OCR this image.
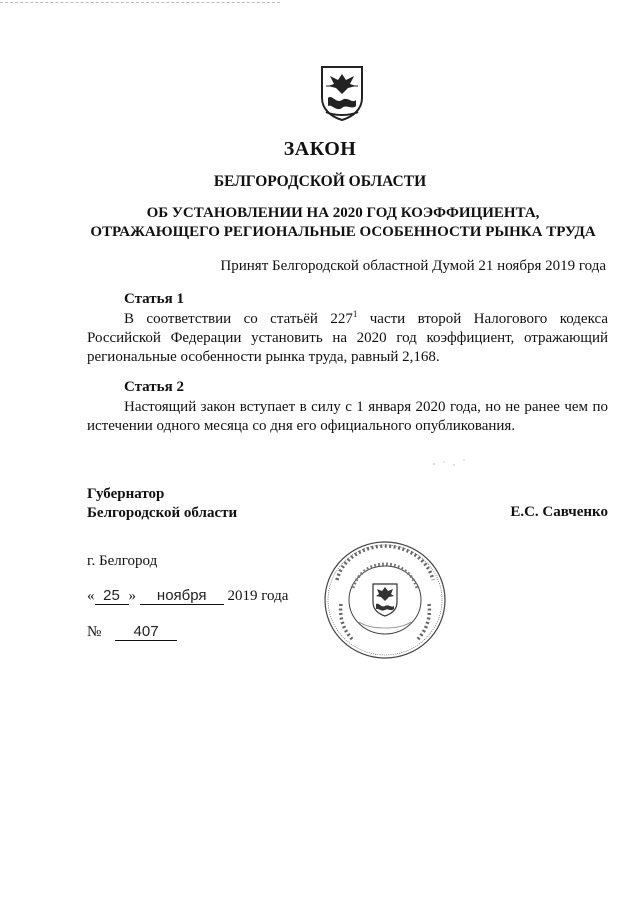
ЗАКОН
БЕЛГОРОДСКОЙ ОБЛАСТИ
ОБ УСТАНОВЛЕНИИ НА 2020 ГОД КОЭФФИЦИЕНТА,
ОТРАЖАЮЩЕГО РЕГИОНАЛЬНЫЕ ОСОБЕННОСТИ РЫНКА ТРУДА
Принят Белгородской областной Думой 21 ноября 2019 года
Статья 1
В соответствии со статьёй $227^1$ части второй Налогового кодекса Российской Федерации установить на 2020 год коэффициент, отражающий региональные особенности рынка труда, равный 2,168.
Статья 2
Настоящий закон вступает в силу с 1 января 2020 года, но не ранее чем по истечении одного месяца со дня его официального опубликования.
Губернатор
Белгородской области	Е.С. Савченко
г. Белгород
« 25 » ноября 2019 года
№ 407
